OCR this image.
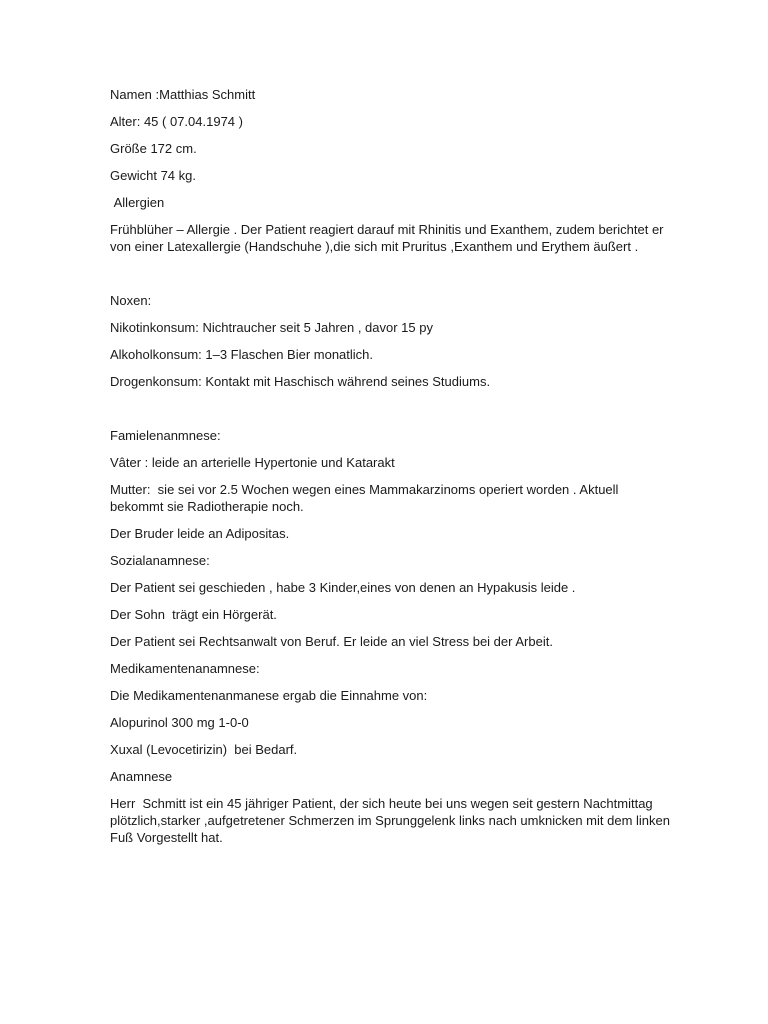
Namen :Matthias Schmitt

Alter: 45 ( 07.04.1974 )

Größe 172 cm.

Gewicht 74 kg.

Allergien

Frühblüher – Allergie . Der Patient reagiert darauf mit Rhinitis und Exanthem, zudem berichtet er von einer Latexallergie (Handschuhe ),die sich mit Pruritus ,Exanthem und Erythem äußert .

Noxen:

Nikotinkonsum: Nichtraucher seit 5 Jahren , davor 15 py

Alkoholkonsum: 1–3 Flaschen Bier monatlich.

Drogenkonsum: Kontakt mit Haschisch während seines Studiums.

Famielenanmnese:

Vâter : leide an arterielle Hypertonie und Katarakt

Mutter:  sie sei vor 2.5 Wochen wegen eines Mammakarzinoms operiert worden . Aktuell bekommt sie Radiotherapie noch.

Der Bruder leide an Adipositas.

Sozialanamnese:

Der Patient sei geschieden , habe 3 Kinder,eines von denen an Hypakusis leide .

Der Sohn  trägt ein Hörgerät.

Der Patient sei Rechtsanwalt von Beruf. Er leide an viel Stress bei der Arbeit.

Medikamentenanamnese:

Die Medikamentenanmanese ergab die Einnahme von:

Alopurinol 300 mg 1-0-0

Xuxal (Levocetirizin)  bei Bedarf.

Anamnese

Herr  Schmitt ist ein 45 jähriger Patient, der sich heute bei uns wegen seit gestern Nachtmittag plötzlich,starker ,aufgetretener Schmerzen im Sprunggelenk links nach umknicken mit dem linken Fuß Vorgestellt hat.
